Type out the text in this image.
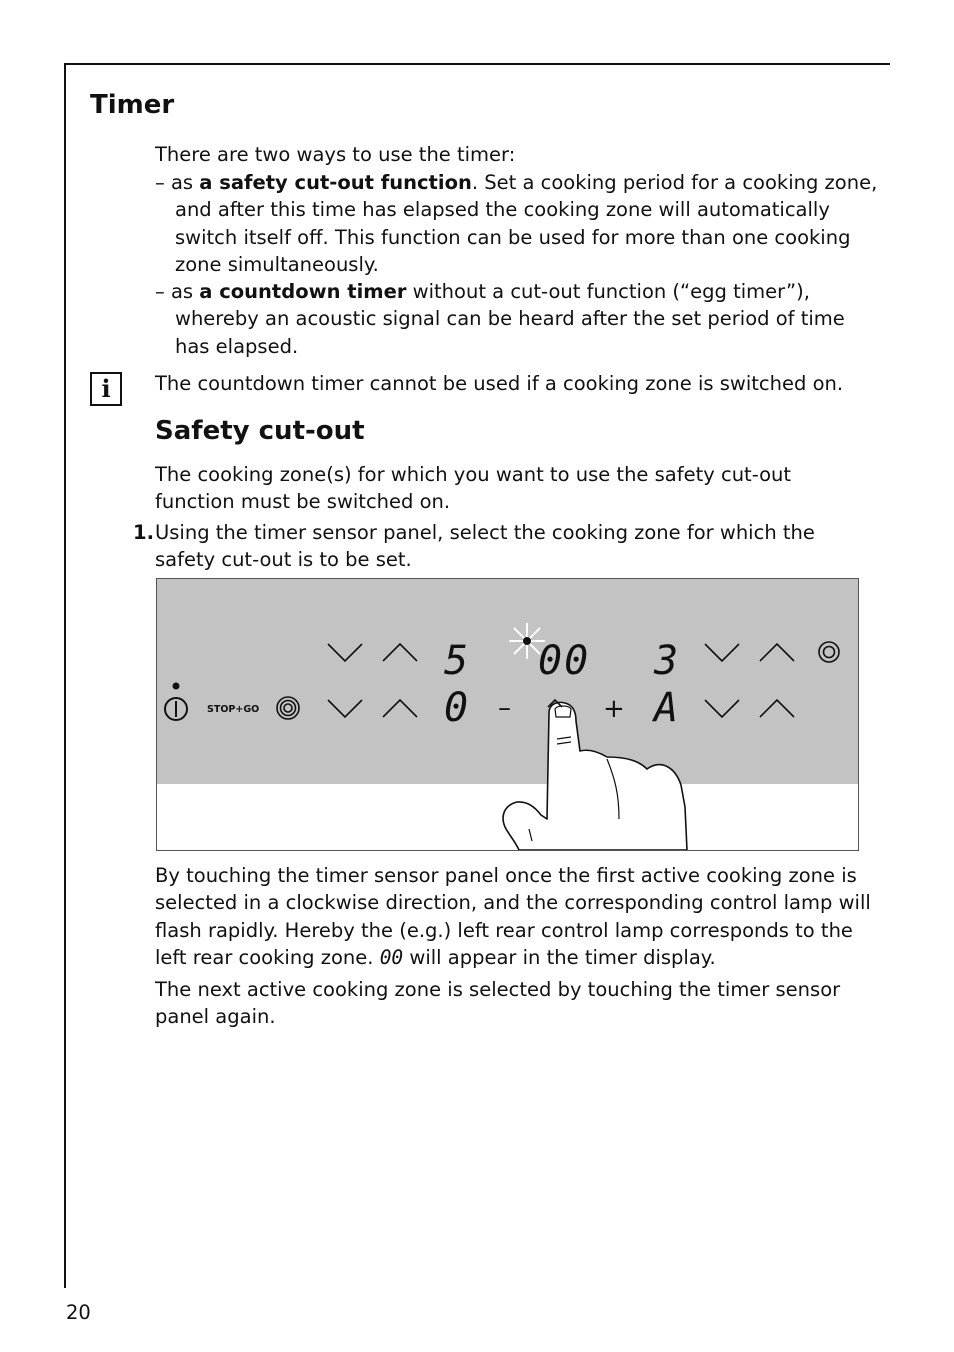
Timer

There are two ways to use the timer:

– as a safety cut-out function. Set a cooking period for a cooking zone, and after this time has elapsed the cooking zone will automatically switch itself off. This function can be used for more than one cooking zone simultaneously.

– as a countdown timer without a cut-out function (“egg timer”), whereby an acoustic signal can be heard after the set period of time has elapsed.

i	The countdown timer cannot be used if a cooking zone is switched on.

Safety cut-out

The cooking zone(s) for which you want to use the safety cut-out function must be switched on.

1. Using the timer sensor panel, select the cooking zone for which the safety cut-out is to be set.

STOP+GO
5
0
00 3
A
–	+

By touching the timer sensor panel once the first active cooking zone is selected in a clockwise direction, and the corresponding control lamp will flash rapidly. Hereby the (e.g.) left rear control lamp corresponds to the left rear cooking zone. 00 will appear in the timer display.

The next active cooking zone is selected by touching the timer sensor panel again.

20
